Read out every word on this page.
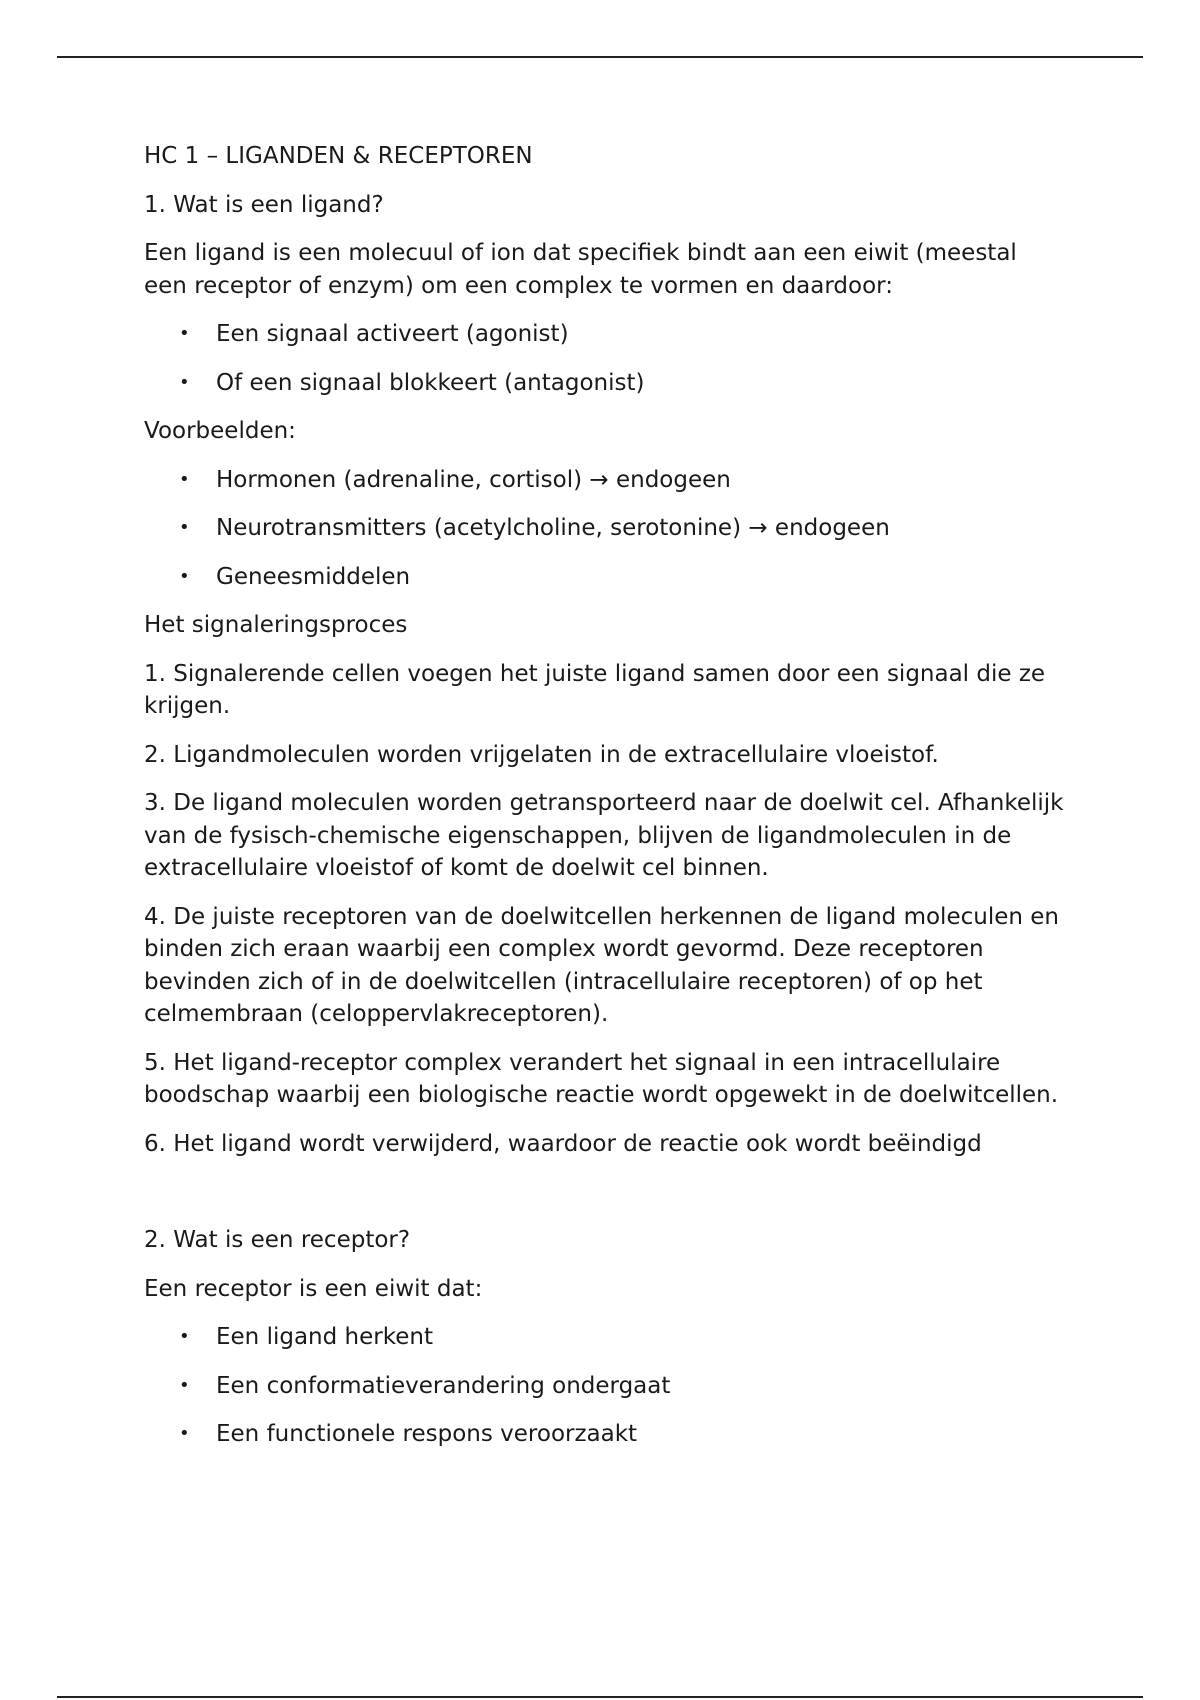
HC 1 – LIGANDEN & RECEPTOREN

1. Wat is een ligand?

Een ligand is een molecuul of ion dat specifiek bindt aan een eiwit (meestal een receptor of enzym) om een complex te vormen en daardoor:

• Een signaal activeert (agonist)
• Of een signaal blokkeert (antagonist)

Voorbeelden:

• Hormonen (adrenaline, cortisol) → endogeen
• Neurotransmitters (acetylcholine, serotonine) → endogeen
• Geneesmiddelen

Het signaleringsproces

1. Signalerende cellen voegen het juiste ligand samen door een signaal die ze krijgen.

2. Ligandmoleculen worden vrijgelaten in de extracellulaire vloeistof.

3. De ligand moleculen worden getransporteerd naar de doelwit cel. Afhankelijk van de fysisch-chemische eigenschappen, blijven de ligandmoleculen in de extracellulaire vloeistof of komt de doelwit cel binnen.

4. De juiste receptoren van de doelwitcellen herkennen de ligand moleculen en binden zich eraan waarbij een complex wordt gevormd. Deze receptoren bevinden zich of in de doelwitcellen (intracellulaire receptoren) of op het celmembraan (celoppervlakreceptoren).

5. Het ligand-receptor complex verandert het signaal in een intracellulaire boodschap waarbij een biologische reactie wordt opgewekt in de doelwitcellen.

6. Het ligand wordt verwijderd, waardoor de reactie ook wordt beëindigd

2. Wat is een receptor?

Een receptor is een eiwit dat:

• Een ligand herkent
• Een conformatieverandering ondergaat
• Een functionele respons veroorzaakt
